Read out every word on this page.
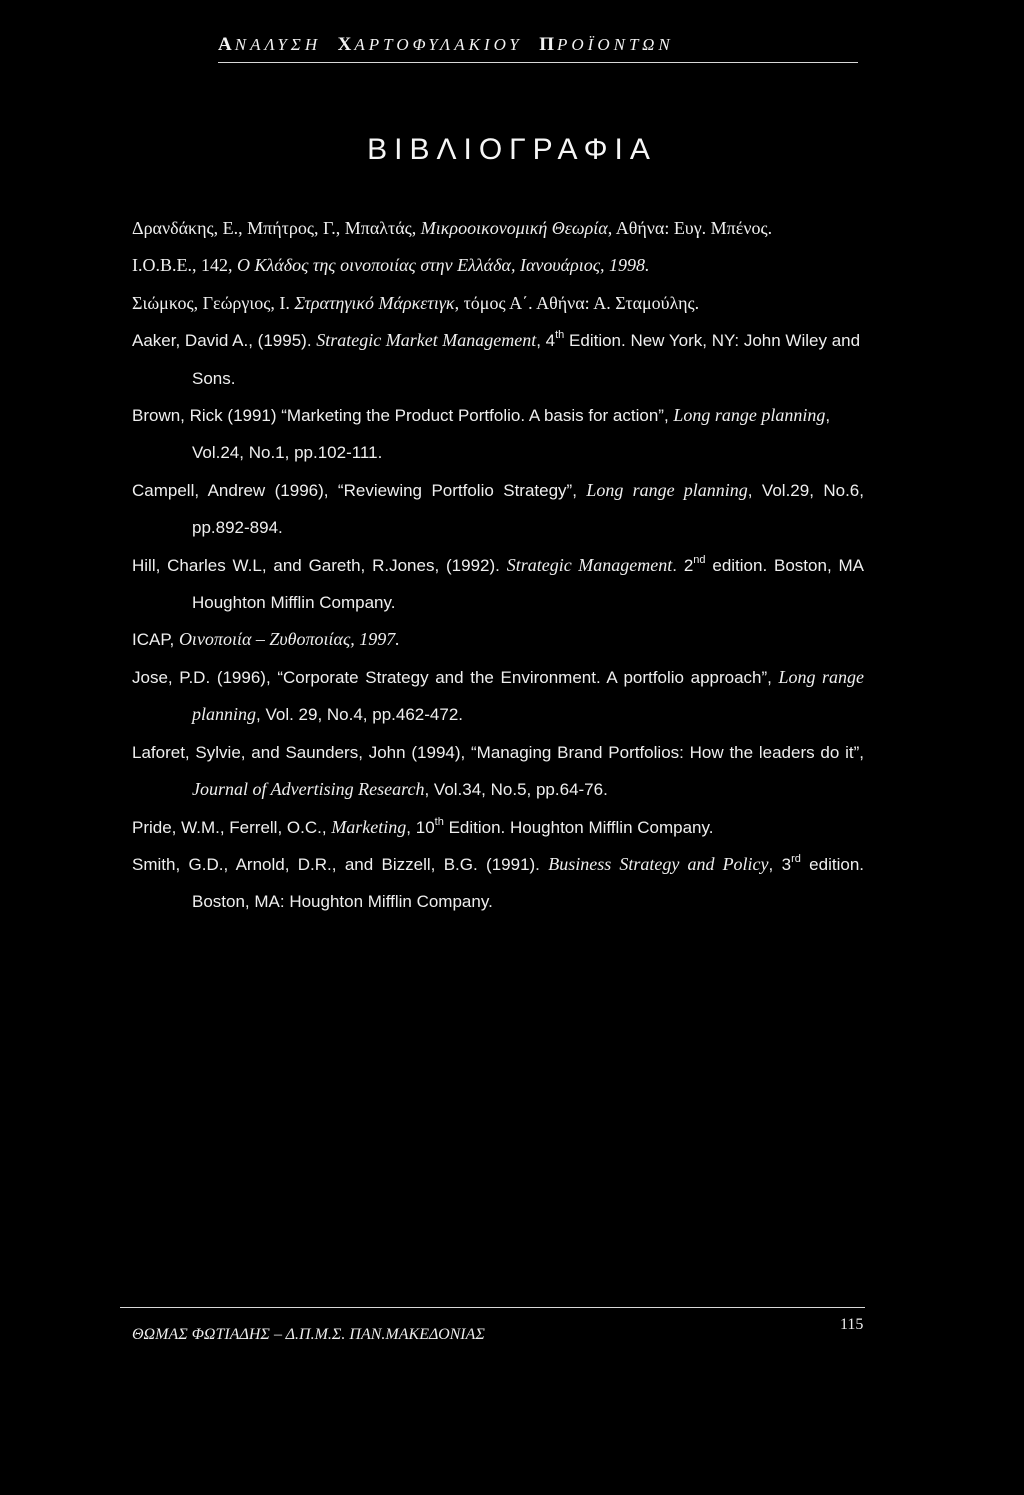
ΑΝΑΛΥΣΗ ΧΑΡΤΟΦΥΛΑΚΙΟΥ ΠΡΟΪΟΝΤΩΝ
ΒΙΒΛΙΟΓΡΑΦΙΑ

Δρανδάκης, Ε., Μπήτρος, Γ., Μπαλτάς, Μικροοικονομική Θεωρία, Αθήνα: Ευγ. Μπένος.

Ι.Ο.Β.Ε., 142, Ο Κλάδος της οινοποιίας στην Ελλάδα, Ιανουάριος, 1998.

Σιώμκος, Γεώργιος, Ι. Στρατηγικό Μάρκετιγκ, τόμος Α΄. Αθήνα: Α. Σταμούλης.

Aaker, David A., (1995). Strategic Market Management, 4th Edition. New York, NY: John Wiley and Sons.

Brown, Rick (1991) “Marketing the Product Portfolio. A basis for action”, Long range planning, Vol.24, No.1, pp.102-111.

Campell, Andrew (1996), “Reviewing Portfolio Strategy”, Long range planning, Vol.29, No.6, pp.892-894.

Hill, Charles W.L, and Gareth, R.Jones, (1992). Strategic Management. 2nd edition. Boston, MA Houghton Mifflin Company.

ICAP, Οινοποιία – Ζυθοποιίας, 1997.

Jose, P.D. (1996), “Corporate Strategy and the Environment. A portfolio approach”, Long range planning, Vol. 29, No.4, pp.462-472.

Laforet, Sylvie, and Saunders, John (1994), “Managing Brand Portfolios: How the leaders do it”, Journal of Advertising Research, Vol.34, No.5, pp.64-76.

Pride, W.M., Ferrell, O.C., Marketing, 10th Edition. Houghton Mifflin Company.

Smith, G.D., Arnold, D.R., and Bizzell, B.G. (1991). Business Strategy and Policy, 3rd edition. Boston, MA: Houghton Mifflin Company.

ΘΩΜΑΣ ΦΩΤΙΑΔΗΣ – Δ.Π.Μ.Σ. ΠΑΝ.ΜΑΚΕΔΟΝΙΑΣ
115
